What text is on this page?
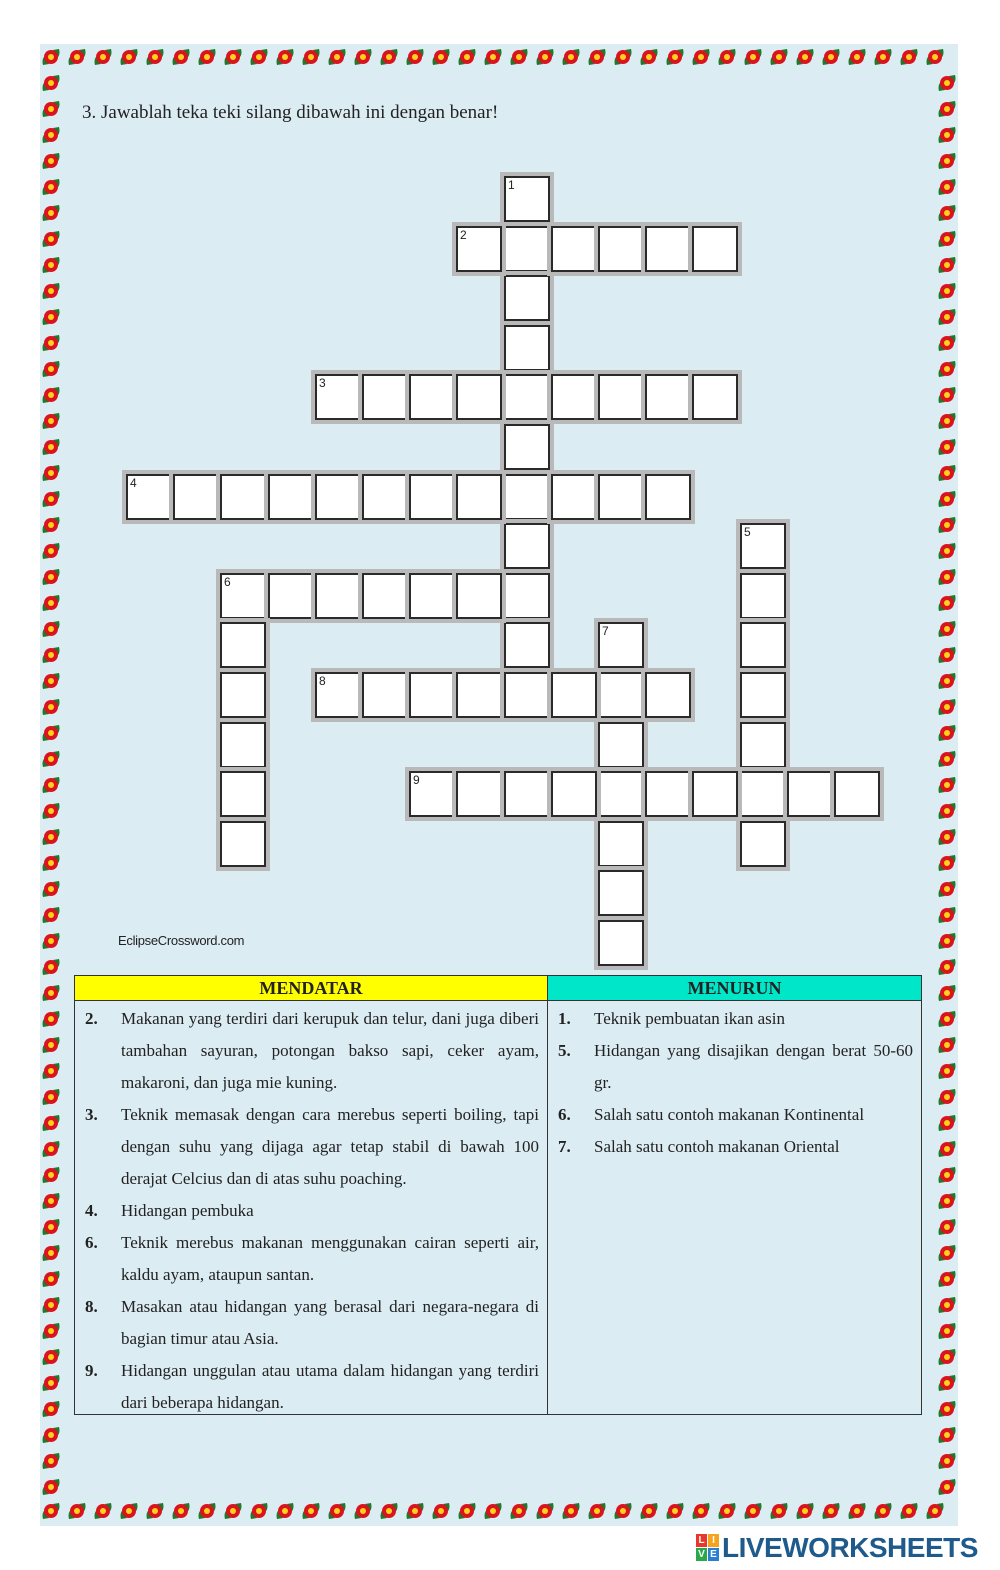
3. Jawablah teka teki silang dibawah ini dengan benar!
1
2
3
4
5
6
7
8
9
EclipseCrossword.com
MENDATAR
2. Makanan yang terdiri dari kerupuk dan telur, dani juga diberi tambahan sayuran, potongan bakso sapi, ceker ayam, makaroni, dan juga mie kuning.
3. Teknik memasak dengan cara merebus seperti boiling, tapi dengan suhu yang dijaga agar tetap stabil di bawah 100 derajat Celcius dan di atas suhu poaching.
4. Hidangan pembuka
6. Teknik merebus makanan menggunakan cairan seperti air, kaldu ayam, ataupun santan.
8. Masakan atau hidangan yang berasal dari negara-negara di bagian timur atau Asia.
9. Hidangan unggulan atau utama dalam hidangan yang terdiri dari beberapa hidangan.
MENURUN
1. Teknik pembuatan ikan asin
5. Hidangan yang disajikan dengan berat 50-60 gr.
6. Salah satu contoh makanan Kontinental
7. Salah satu contoh makanan Oriental
L I
V E LIVEWORKSHEETS
